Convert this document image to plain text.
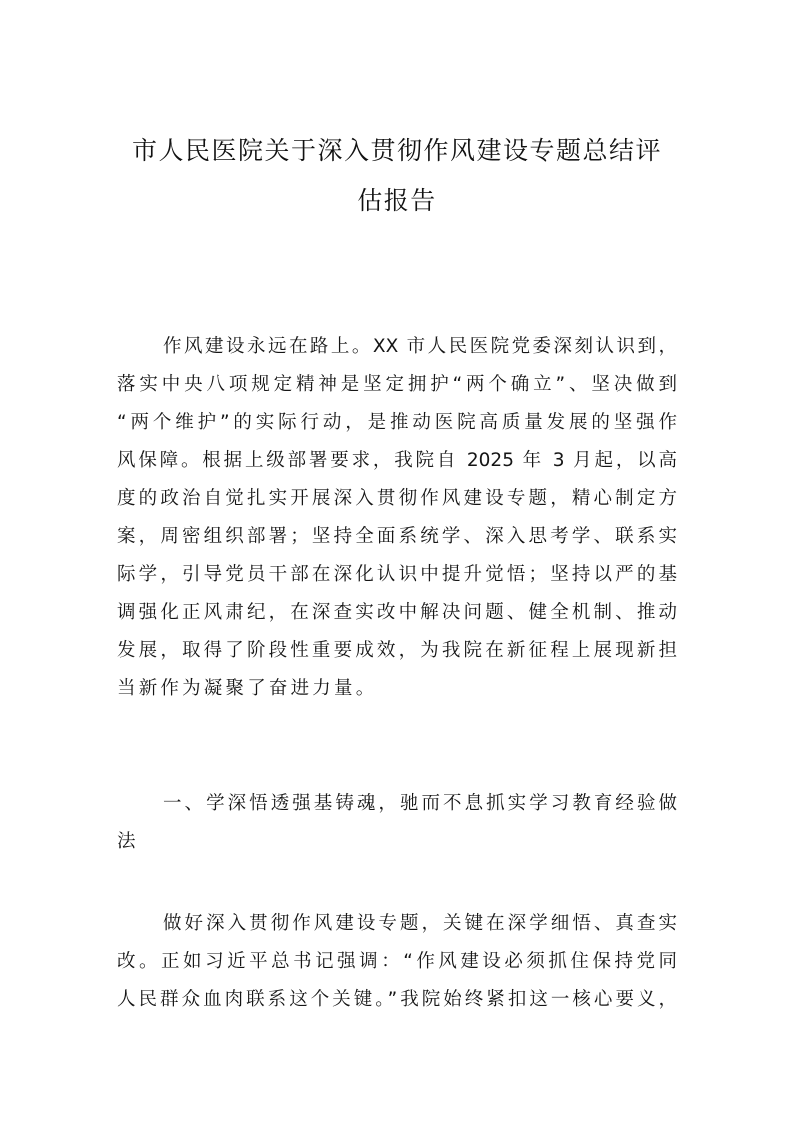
市人民医院关于深入贯彻作风建设专题总结评
估报告
作风建设永远在路上。XX 市人民医院党委深刻认识到，
落实中央八项规定精神是坚定拥护“两个确立”、坚决做到
“两个维护”的实际行动，是推动医院高质量发展的坚强作
风保障。根据上级部署要求，我院自 2025 年 3 月起，以高
度的政治自觉扎实开展深入贯彻作风建设专题，精心制定方
案，周密组织部署；坚持全面系统学、深入思考学、联系实
际学，引导党员干部在深化认识中提升觉悟；坚持以严的基
调强化正风肃纪，在深查实改中解决问题、健全机制、推动
发展，取得了阶段性重要成效，为我院在新征程上展现新担
当新作为凝聚了奋进力量。
一、学深悟透强基铸魂，驰而不息抓实学习教育经验做
法
做好深入贯彻作风建设专题，关键在深学细悟、真查实
改。正如习近平总书记强调：“作风建设必须抓住保持党同
人民群众血肉联系这个关键。”我院始终紧扣这一核心要义，
